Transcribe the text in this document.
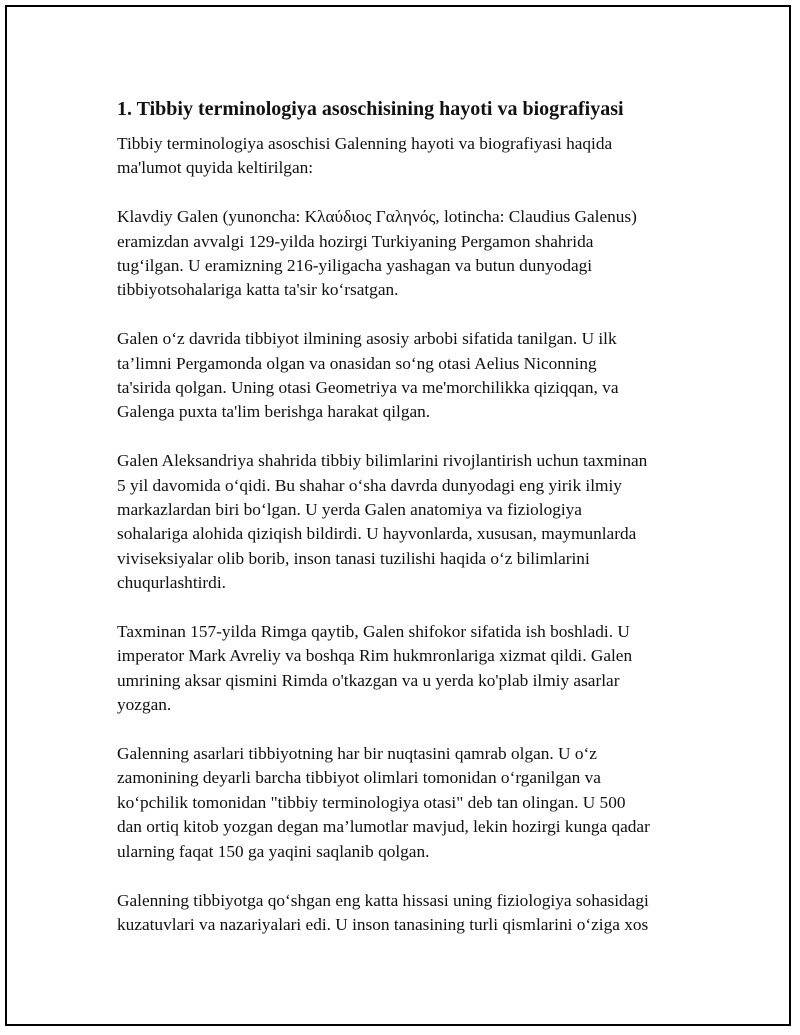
1. Tibbiy terminologiya asoschisining hayoti va biografiyasi

Tibbiy terminologiya asoschisi Galenning hayoti va biografiyasi haqida
ma'lumot quyida keltirilgan:

Klavdiy Galen (yunoncha: Κλαύδιος Γαληνός, lotincha: Claudius Galenus)
eramizdan avvalgi 129-yilda hozirgi Turkiyaning Pergamon shahrida
tug‘ilgan. U eramizning 216-yiligacha yashagan va butun dunyodagi
tibbiyotsohalariga katta ta'sir ko‘rsatgan.

Galen o‘z davrida tibbiyot ilmining asosiy arbobi sifatida tanilgan. U ilk
ta’limni Pergamonda olgan va onasidan so‘ng otasi Aelius Niconning
ta'sirida qolgan. Uning otasi Geometriya va me'morchilikka qiziqqan, va
Galenga puxta ta'lim berishga harakat qilgan.

Galen Aleksandriya shahrida tibbiy bilimlarini rivojlantirish uchun taxminan
5 yil davomida o‘qidi. Bu shahar o‘sha davrda dunyodagi eng yirik ilmiy
markazlardan biri bo‘lgan. U yerda Galen anatomiya va fiziologiya
sohalariga alohida qiziqish bildirdi. U hayvonlarda, xususan, maymunlarda
viviseksiyalar olib borib, inson tanasi tuzilishi haqida o‘z bilimlarini
chuqurlashtirdi.

Taxminan 157-yilda Rimga qaytib, Galen shifokor sifatida ish boshladi. U
imperator Mark Avreliy va boshqa Rim hukmronlariga xizmat qildi. Galen
umrining aksar qismini Rimda o'tkazgan va u yerda ko'plab ilmiy asarlar
yozgan.

Galenning asarlari tibbiyotning har bir nuqtasini qamrab olgan. U o‘z
zamonining deyarli barcha tibbiyot olimlari tomonidan o‘rganilgan va
ko‘pchilik tomonidan "tibbiy terminologiya otasi" deb tan olingan. U 500
dan ortiq kitob yozgan degan ma’lumotlar mavjud, lekin hozirgi kunga qadar
ularning faqat 150 ga yaqini saqlanib qolgan.

Galenning tibbiyotga qo‘shgan eng katta hissasi uning fiziologiya sohasidagi
kuzatuvlari va nazariyalari edi. U inson tanasining turli qismlarini o‘ziga xos
